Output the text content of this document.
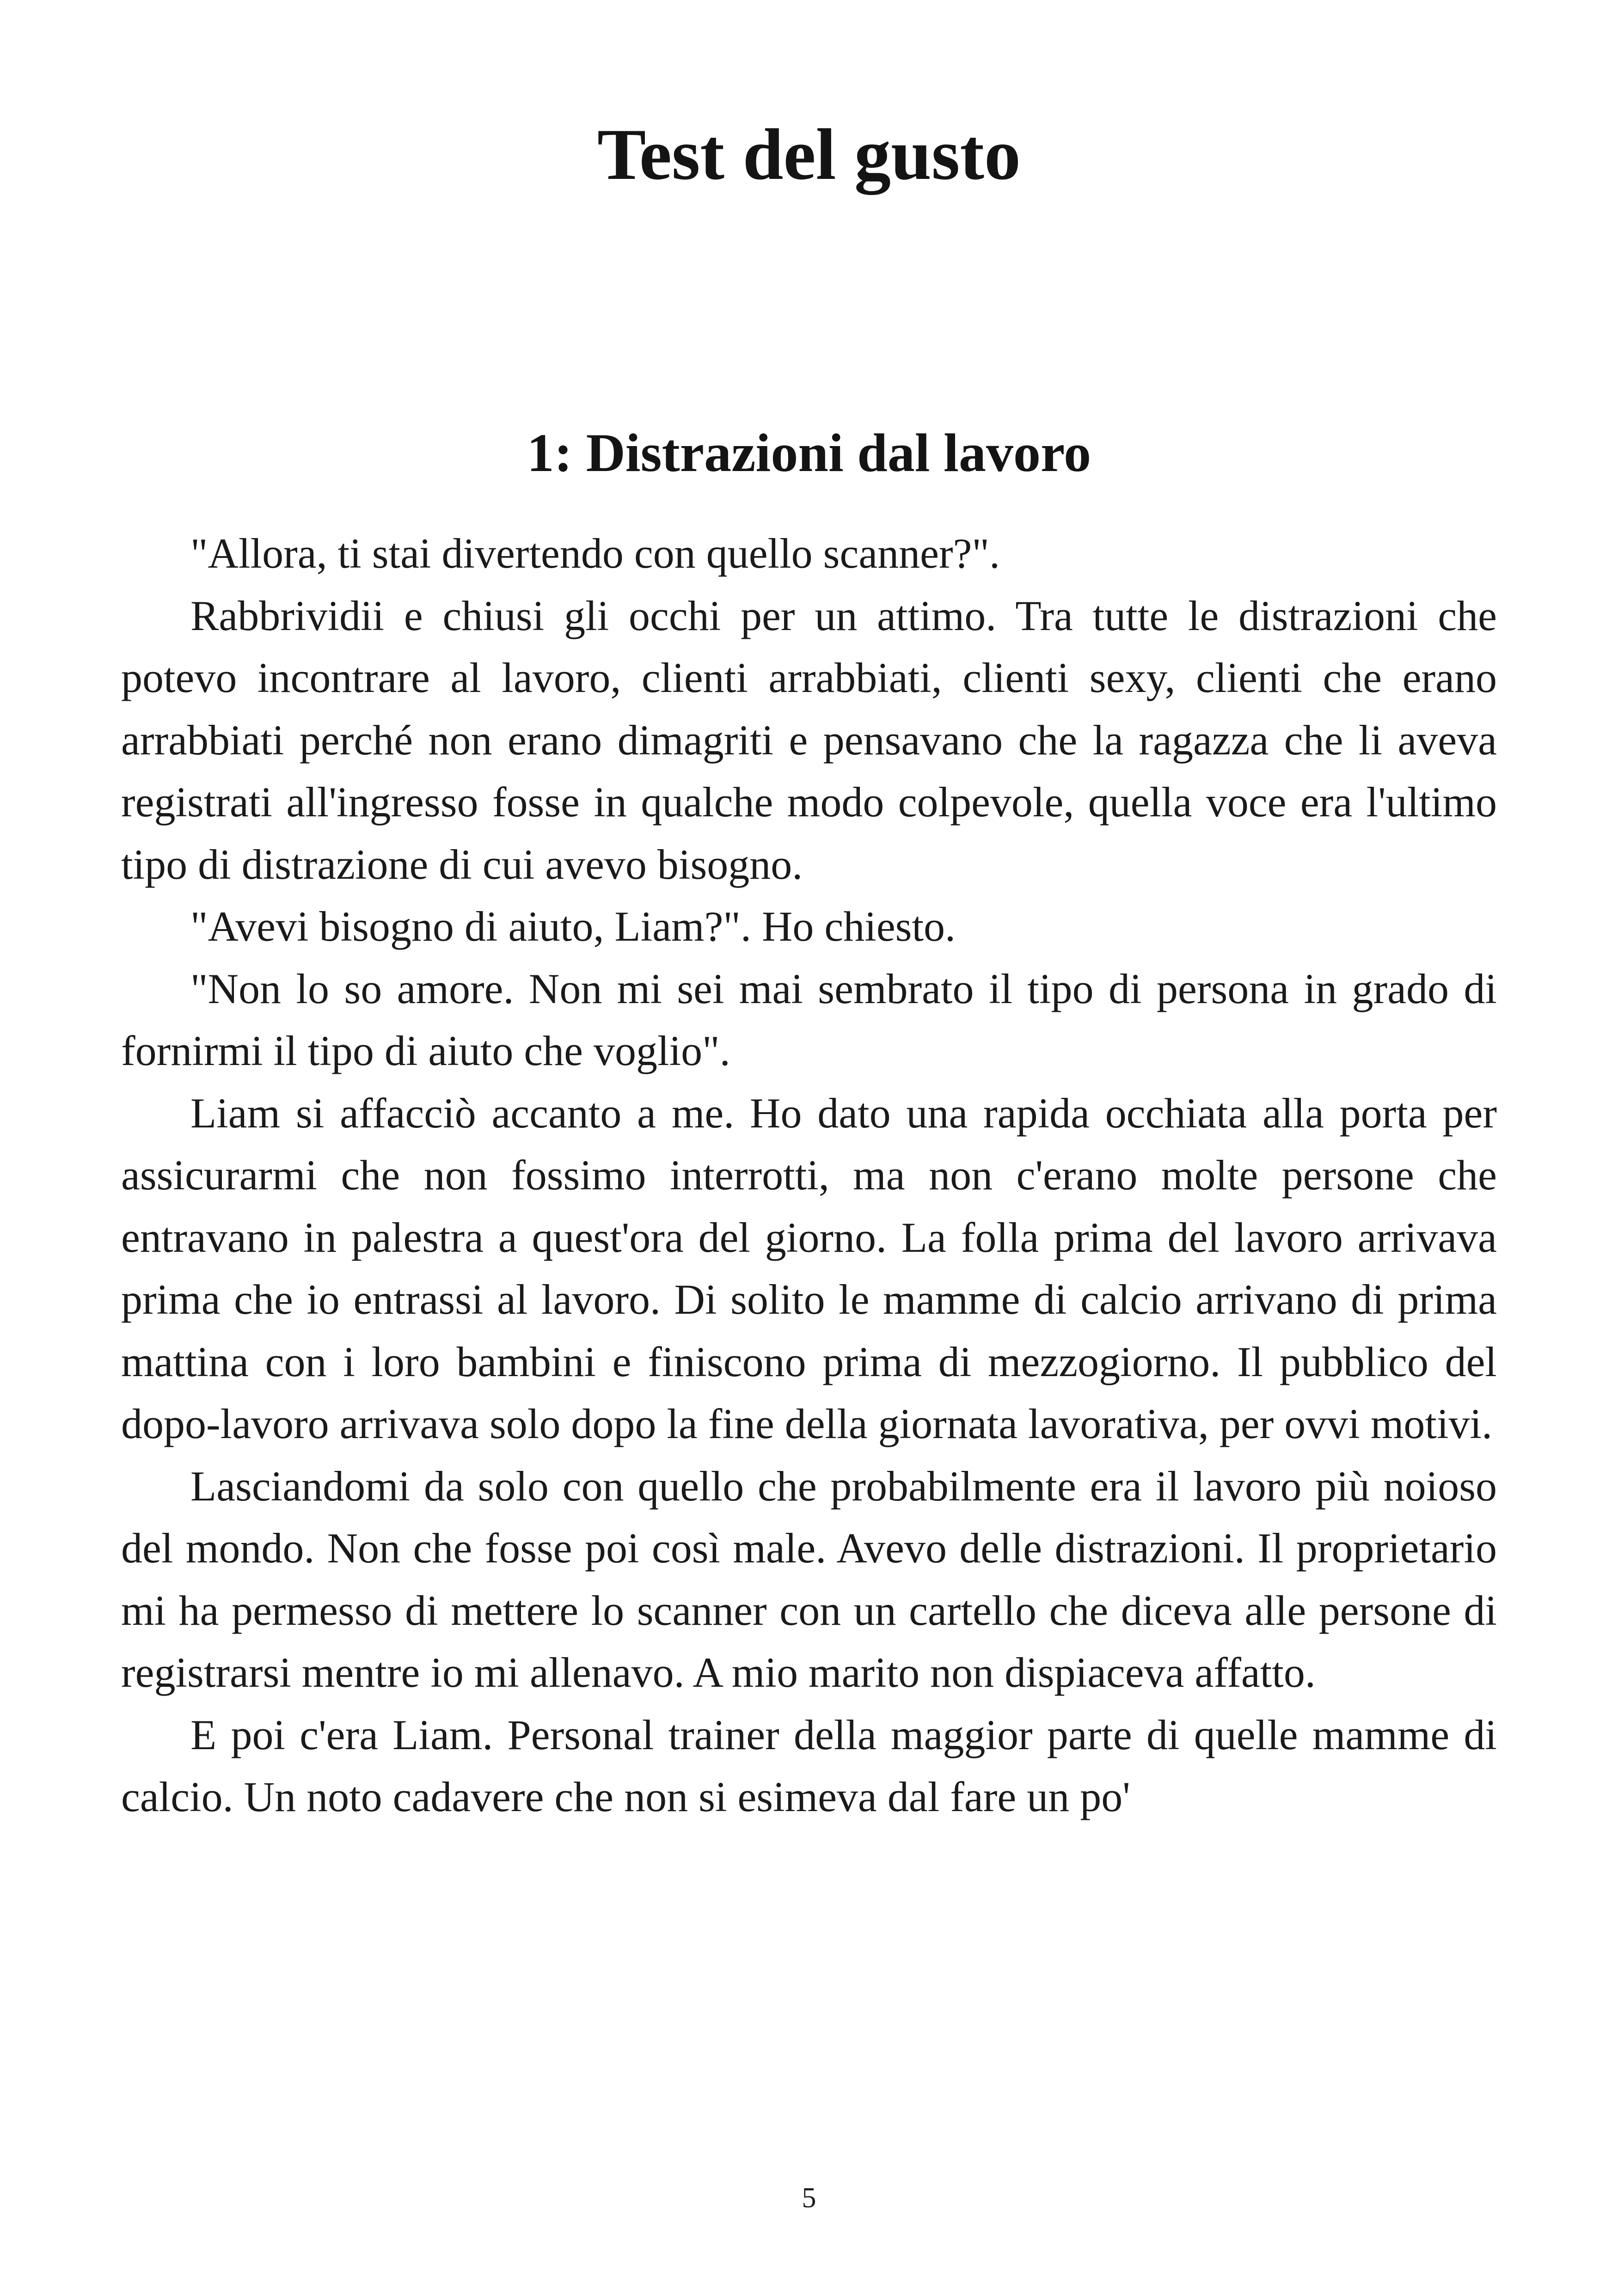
Test del gusto
1: Distrazioni dal lavoro

"Allora, ti stai divertendo con quello scanner?".

Rabbrividii e chiusi gli occhi per un attimo. Tra tutte le distrazioni che potevo incontrare al lavoro, clienti arrabbiati, clienti sexy, clienti che erano arrabbiati perché non erano dimagriti e pensavano che la ragazza che li aveva registrati all'ingresso fosse in qualche modo colpevole, quella voce era l'ultimo tipo di distrazione di cui avevo bisogno.

"Avevi bisogno di aiuto, Liam?". Ho chiesto.

"Non lo so amore. Non mi sei mai sembrato il tipo di persona in grado di fornirmi il tipo di aiuto che voglio".

Liam si affacciò accanto a me. Ho dato una rapida occhiata alla porta per assicurarmi che non fossimo interrotti, ma non c'erano molte persone che entravano in palestra a quest'ora del giorno. La folla prima del lavoro arrivava prima che io entrassi al lavoro. Di solito le mamme di calcio arrivano di prima mattina con i loro bambini e finiscono prima di mezzogiorno. Il pubblico del dopo-lavoro arrivava solo dopo la fine della giornata lavorativa, per ovvi motivi.

Lasciandomi da solo con quello che probabilmente era il lavoro più noioso del mondo. Non che fosse poi così male. Avevo delle distrazioni. Il proprietario mi ha permesso di mettere lo scanner con un cartello che diceva alle persone di registrarsi mentre io mi allenavo. A mio marito non dispiaceva affatto.

E poi c'era Liam. Personal trainer della maggior parte di quelle mamme di calcio. Un noto cadavere che non si esimeva dal fare un po'

5
